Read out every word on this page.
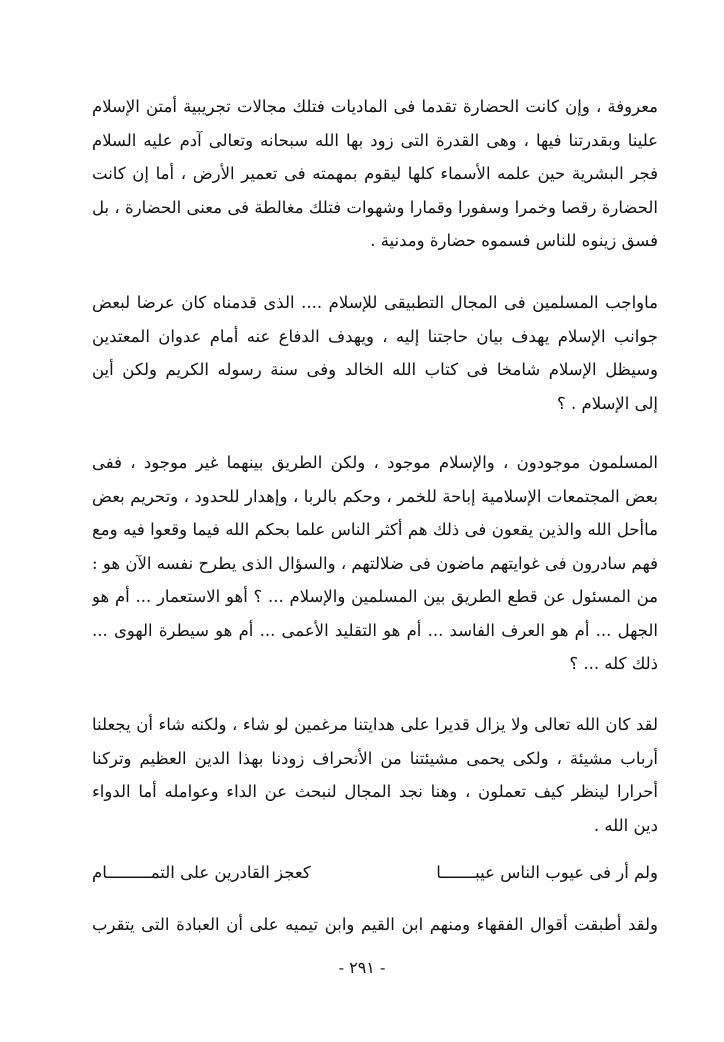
معروفة ، وإن كانت الحضارة تقدما فى الماديات فتلك مجالات تجريبية أمتن الإسلام
علينا وبقدرتنا فيها ، وهى القدرة التى زود بها الله سبحانه وتعالى آدم عليه السلام
فجر البشرية حين علمه الأسماء كلها ليقوم بمهمته فى تعمير الأرض ، أما إن كانت
الحضارة رقصا وخمرا وسفورا وقمارا وشهوات فتلك مغالطة فى معنى الحضارة ، بل
فسق زينوه للناس فسموه حضارة ومدنية .
ماواجب المسلمين فى المجال التطبيقى للإسلام .... الذى قدمناه كان عرضا لبعض
جوانب الإسلام يهدف بيان حاجتنا إليه ، ويهدف الدفاع عنه أمام عدوان المعتدين
وسيظل الإسلام شامخا فى كتاب الله الخالد وفى سنة رسوله الكريم ولكن أين
إلى الإسلام . ؟
المسلمون موجودون ، والإسلام موجود ، ولكن الطريق بينهما غير موجود ، ففى
بعض المجتمعات الإسلامية إباحة للخمر ، وحكم بالربا ، وإهدار للحدود ، وتحريم بعض
ماأحل الله والذين يقعون فى ذلك هم أكثر الناس علما بحكم الله فيما وقعوا فيه ومع
فهم سادرون فى غوايتهم ماضون فى ضلالتهم ، والسؤال الذى يطرح نفسه الآن هو :
من المسئول عن قطع الطريق بين المسلمين والإسلام ... ؟ أهو الاستعمار ... أم هو
الجهل ... أم هو العرف الفاسد ... أم هو التقليد الأعمى ... أم هو سيطرة الهوى ...
ذلك كله ... ؟
لقد كان الله تعالى ولا يزال قديرا على هدايتنا مرغمين لو شاء ، ولكنه شاء أن يجعلنا
أرباب مشيئة ، ولكى يحمى مشيئتنا من الأنحراف زودنا بهذا الدين العظيم وتركنا
أحرارا لينظر كيف تعملون ، وهنا نجد المجال لنبحث عن الداء وعوامله أما الدواء
دين الله .
ولم أر فى عيوب الناس عيبـــــــا
كعجز القادرين على التمـــــــــام
ولقد أطبقت أقوال الفقهاء ومنهم ابن القيم وابن تيميه على أن العبادة التى يتقرب
- ٢٩١ -
